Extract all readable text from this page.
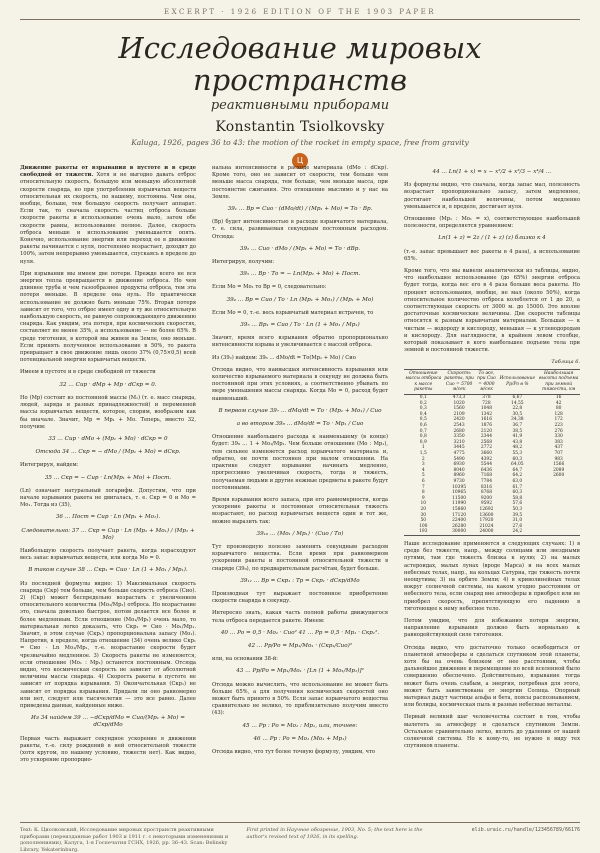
EXCERPT · 1926 EDITION OF THE 1903 PAPER
Исследование мировых пространств
реактивными приборами
Konstantin Tsiolkovsky
Kaluga, 1926, pages 36 to 43: the motion of the rocket in empty space, free from gravity
Ц

Движение ракеты от взрывания в пустоте и в среде свободной от тяжести. Хотя и не выгодно давать отброс относительную скорость, большую или меньшую абсолютной скорости снаряда, но при употреблении взрывчатых веществ относительная их скорость, по нашему, постоянна. Чем она, вообще, больше, тем большую скорость получает аппарат. Если так, то сначала скорость частиц отброса больше скорости ракеты и использование очень мало, затем обе скорости равны, использование полное. Далее, скорость отброса меньше и использование уменьшается опять. Конечно, использование энергии или переход ее в движение ракеты начинается с нуля, постепенно возрастает, доходит до 100%, затем непрерывно уменьшается, спускаясь в пределе до нуля.

При взрывании мы имеем две потери. Прежде всего не вся энергия тепла превращается в движение отброса. Но чем длиннее труба и чем газообразнее продукты отброса, тем эта потеря меньше. В пределе она нуль. Но практически использование не должно быть меньше 75%. Вторая потеря зависит от того, что отброс имеет одну и ту же относительную наибольшую скорость, не равную сопровождающего движению снаряда. Как увидим, эта потеря, при космических скоростях, составляет не менее 35%, а использование — не более 65%. В среде тяготения, в которой мы живем на Земле, оно меньше. Если принять полученное использование в 50%, то ракета превращает в свое движение лишь около 37% (0,75×0,5) всей потенциальной энергии взрывчатых веществ.

Имеем в пустоте и в среде свободной от тяжести

32 … Сир · dMp + Mp · dCкр = 0.

Но (Mp) состоит из постоянной массы (M₁) (т. е. масс снаряда, людей, заряда и разных принадлежностей) и переменной массы взрывчатых веществ, которое, спорим, вообразим как бы вначале. Значит, Mр = Mр₁ + Mо. Теперь, вместо 32, получим:

33 … Сир · dMо + (Mр₁ + Mо) · dCкр = 0
Отсюда 34 … Скр = − dMо / (Mр₁ + Mо) = dCкр.

Интегрируя, найдем:

35 … Скр = − Сир · Ln(Mр₁ + Mо) + Пост.

(Ln) означает натуральный логарифм. Допустим, что при начале взрывания ракета не двигалась, т. е. Скр = 0 и Mo = Mo₁. Тогда из (35),

36 … Пост = Сир · Ln (Mр₁ + Mо₁).
Следовательно: 37 … Скр = Сир · Ln (Mр₁ + Mо₁) / (Mр₁ + Mо)

Наибольшую скорость получает ракета, когда израсходуют весь запас взрывчатых веществ, или когда Mо = 0.

В таком случае 38 … Скр₁ = Сио · Ln (1 + Mо₁ / Mр₁).

Из последней формулы видно: 1) Максимальная скорость снаряда (Скр) тем больше, чем больше скорость отброса (Сио). 2) (Скр) может беспредельно возрастать с увеличением относительного количества (Mо₁/Mр₁) отброса. Но возрастание это, сначала довольно быстрое, потом делается все более и более медленным. Если отношение (Mо₁/Mр₁) очень мало, то материальная легко доказать, что Скр₁ = Сио · Mо₁/Mр₁. Значит, в этом случае (Скр₁) пропорциональна запасу (Mо₁). Напротив, в пределе, когда отношение (34) очень велико Скр₁ = Сио · Ln Mо₁/Mр₁, т.-е. возрастание скорости будет чрезвычайно медленное. 3) Скорость ракеты не изменяется, если отношение (Mо₁ : Mр₁) останется постоянным. Отсюда видно, что космическая скорость не зависит от абсолютной величины массы снаряда. 4) Скорость ракеты в пустоте не зависит от порядка взрывания. 5) Окончательная (Скр₁) не зависит от порядка взрывания. Придали ли оно равномерно или нет, следует или тысячелетия — это все равно. Далее приведены данные, найденные ниже.

Из 34 найдем 39 … −dCкр/dMо = Сио/(Mр₁ + Mо) = dCкр/dMо

Первая часть выражает секундное ускорение в движении ракеты, т.-е. силу рождений в ней относительной тяжести (хотя кругом, по нашему условию, тяжести нет). Как видно, это ускорение пропорцио-

нальна интенсивности в расходе материала (dMо : dCкр). Кроме того, оно не зависит от скорости, тем больше чем меньше масса снаряда, тем больше, чем меньше масса, при постоянстве сжигания. Это отношение мыслимо и у нас на Земле.

39₁ … Bp = Сио · (dMо/dt) / (Mр₁ + Mо) = То · Bp.

(Bp) будет интенсивностью в расходе взрывчатого материала, т. е. сила, развиваемая секундным постоянным расходом. Отсюда:

39₂ … Сио · dMо / (Mр₁ + Mо) = То · dBp.

Интегрируя, получим:

39₃ … Bp · То = − Ln(Mр₁ + Mо) + Пост.

Если Mо = Mо₁ то Bp = 0, следовательно:

39₄ … Bp = Сио / То · Ln (Mр₁ + Mо₁) / (Mр₁ + Mо)

Если Mо = 0, т.-е. весь взрывчатый материал истрачен, то

39₅ … Bp₁ = Сио / То · Ln (1 + Mо₁ / Mр₁)

Значит, время всего взрывания обратно пропорционально интенсивности взрыва и увеличивается с массой отброса.

Из (39₂) найдем: 39₆ … dMо/dt = То(Mр₁ + Mо) / Сио

Отсюда видно, что наивысшая интенсивность взрывания или количество взрываемого материала в секунду не должна быть постоянной при этих условиях, а соответственно убывать по мере уменьшения массы снаряда. Когда Mо = 0, расход будет наименьший.

В первом случае 39₇ … dMо/dt = То · (Mр₁ + Mо₁) / Сио
а во втором 39₈ … dMо/dt = То · Mр₁ / Сио

Отношение наибольшего расхода к наименьшему (в конце) будет: 39₉ … 1 + Mо₁/Mр₁. Чем больше отношение (Mо : Mр₁), тем сильнее изменяется расход взрывчатого материала и, обратно, он почти постоянен при малом отношении. На практике следует взрывание начинать медленно, прогрессивно увеличивая скорость, тогда и тяжесть, получаемая людьми и другие нежные предметы в ракете будут постоянными.

Время взрывания всего запаса, при его равномерности, когда ускорение ракеты и постоянная относительная тяжесть возрастают, но расход взрывчатых веществ один и тот же, можно выразить так:

39₁₀ … (Mо₁ / Mр₁) · (Сио / То)

Тут производную полезно заменить секундным расходом взрывчатого вещества. Если время при равномерном ускорении ракеты и постоянной относительной тяжести в снаряде (39₉), по предварительным расчётам, будет больше.

39₁₁ … Bp = Скр₁ : Тр = Скр₁ · dCкр/dMо

Производная тут выражает постоянное приобретение скорости снаряда в секунду.

Интересно знать, какая часть полной работы движущегося тела отброса передается ракете. Имеем:

40 … Ро = 0,5 · Mо₁ · Сио² 41 … Рр = 0,5 · Mр₁ · Скр₁².
42 … Рр/Ро = Mр₁/Mо₁ · (Скр₁/Сио)²

или, на основании 38-й:

43 … Рр/Ро = Mр₁/Mо₁ · [Ln (1 + Mо₁/Mр₁)]²

Отсюда можно вычислить, что использование не может быть больше 65%, а для получения космических скоростей оно может быть принято в 50%. Если запас взрывчатого вещества сравнительно не велико, то приблизительно получим вместо (43):

45 … Рр : Ро = Mо₁ : Mр₁, или, точнее:
46 … Рр : Ро = Mо₁ (Mо₁ + Mр₁)

Отсюда видно, что тут более точную формулу, увидим, что

44 … Ln(1 + x) = x − x²/2 + x³/3 − x⁴/4 …

Из формулы видно, что сначала, когда запас мал, полезность возрастает пропорционально запасу, затем медленнее, достигает наибольшей величины, потом медленно уменьшается и, в пределе, достигает нуля.

Отношение (Mр₁ : Mо₁ = x), соответствующее наибольшей полезности, определяется уравнением:

Ln(1 + z) = 2z / (1 + z) (z) близко к 4

(т.-е. запас превышает вес ракеты в 4 раза), а использование 65%.

Кроме того, что мы вывели аналитически из таблицы, видно, что наибольшее использование (до 65%) энергии отброса будет тогда, когда вес его в 4 раза больше веса ракеты. Но процент использования, вообще, не мал (около 50%), когда относительное количество отброса колеблется от 1 до 20, а соответствующая скорость от 3000 м. до 15000. Это вполне достаточные космические величины. Две скорости таблицы относятся к разным взрывчатым материалам. Большая — к чистым — водороду и кислороду, меньшая — к углеводородам и кислороду. Для наглядности, в крайнем левом столбце, который показывает в кого наибольшее подъеме тела при земной и постоянной тяжести.

Таблица 6.
Отношение массы отброса к массе ракеты	Скорость ракеты, при Сио = 5700 м/сек	То же, при Сио = 4000 м/сек	Использование Рр/Ро в %	Наибольшая высота подъема при земной тяжести, км
0,1	473,3	378	6,67	16
0,2	1020	728	14,55	42
0,3	1560	1048	22,8	80
0,4	2109	1342	30,5	128
0,5	2420	1616	34,38	172
0,6	2543	1876	36,7	223
0,7	2680	2120	38,5	276
0,8	3350	2344	41,9	330
0,9	3210	2568	43,8	383
1	3445	2772	48,2	437
1,5	4775	3660	55,3	707
2	5490	4392	60,3	983
3	6930	5544	64,05	1566
4	8040	6436	64,7	2089
5	8960	7168	64,2	2600
6	9730	7784	63,0	
7	10395	8316	61,7	
8	10965	8768	60,3	
9	11500	9200	58,8	
10	11990	9592	57,6	
20	15860	12692	50,3	
30	17120	13600	39,5	
50	22400	17920	31,0	
100	26280	21024	27,6	
193	30000	24000	24,2	

Наше исследование применяется в следующих случаях: 1) в среде без тяжести, напр., между солнцами или звездными путями, там где тяжесть близка к нулю; 2) на малых астероидах, малых лунах (вроде Марса) и на всех малых небесных телах, напр., на кольцах Сатурна, где тяжесть почти неощутима; 3) на орбите Земли; 4) в криволинейных телах вокруг солнечной системы, на каком угодно расстоянии от небесного тела, если снаряд вне атмосферы и приобрел или не приобрел скорость, препятствующую его падению в тяготеющее к нему небесное тело.

Потом увидим, что для избежания потери энергии, направление взрывания должно быть нормально к равнодействующей силе тяготения.

Отсюда видно, что достаточно только освободиться от планетной атмосферы и сделаться спутником этой планеты, хотя бы на очень близком от нее расстоянии, чтобы дальнейшее движение и перемещение по всей вселенной было совершенно обеспечено. Действительно, взрывание тогда может быть очень слабым, а энергия, потребная для этого, может быть заимствована от энергии Солнца. Опорный материал дадут частицы альфа и бета, поясы распознаванием, или болиды, космическая пыль и разные небесные металлы.

Первый великий шаг человечества состоит в том, чтобы вылететь за атмосферу и сделаться спутником Земли. Остальное сравнительно легко, вплоть до удаления от нашей солнечной системы. Но к кому-то, не нужно в виду тех спутников планеты.

Text: К. Циолковский, Исследование мировых пространств реактивными приборами (переизданные работ 1903 и 1911 г. с некоторыми изменениями и дополнениями), Калуга, 1-я Госпечатня ГСНХ, 1926, рр. 36–43. Scan: Belinsky Library, Yekaterinburg.
First printed in Научное обозрение, 1903, No. 5; the text here is the author's revised text of 1926, in its spelling.
elib.uraic.ru/handle/123456789/66176
